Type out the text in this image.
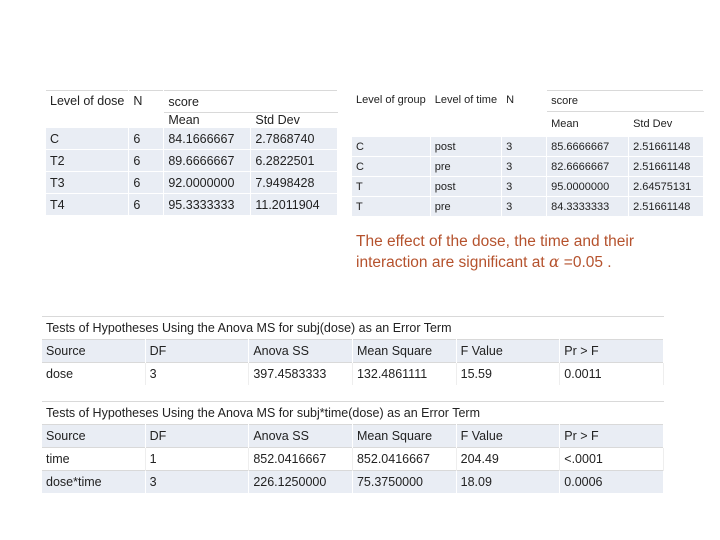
Level of dose	N	score	
		Mean	Std Dev
C	6	84.1666667	2.7868740
T2	6	89.6666667	6.2822501
T3	6	92.0000000	7.9498428
T4	6	95.3333333	11.2011904
Level of group	Level of time	N	score	
			Mean	Std Dev
C	post	3	85.6666667	2.51661148
C	pre	3	82.6666667	2.51661148
T	post	3	95.0000000	2.64575131
T	pre	3	84.3333333	2.51661148
The effect of the dose, the time and their interaction are significant at α =0.05 .
Tests of Hypotheses Using the Anova MS for subj(dose) as an Error Term					
Source	DF	Anova SS	Mean Square	F Value	Pr > F
dose	3	397.4583333	132.4861111	15.59	0.0011
Tests of Hypotheses Using the Anova MS for subj*time(dose) as an Error Term					
Source	DF	Anova SS	Mean Square	F Value	Pr > F
time	1	852.0416667	852.0416667	204.49	<.0001
dose*time	3	226.1250000	75.3750000	18.09	0.0006
